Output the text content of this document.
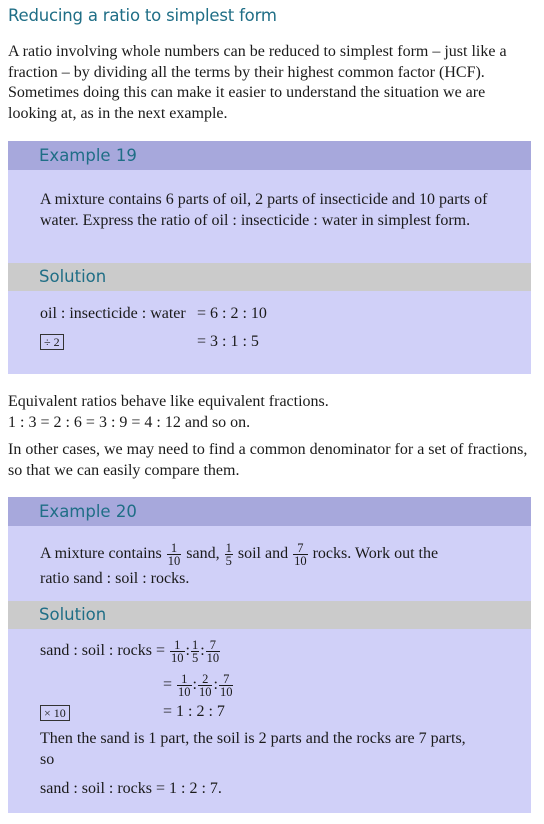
Reducing a ratio to simplest form
A ratio involving whole numbers can be reduced to simplest form – just like a fraction – by dividing all the terms by their highest common factor (HCF). Sometimes doing this can make it easier to understand the situation we are looking at, as in the next example.
Example 19
A mixture contains 6 parts of oil, 2 parts of insecticide and 10 parts of water. Express the ratio of oil : insecticide : water in simplest form.
Solution
oil : insecticide : water = 6 : 2 : 10
÷ 2	= 3 : 1 : 5
Equivalent ratios behave like equivalent fractions.
1 : 3 = 2 : 6 = 3 : 9 = 4 : 12 and so on.
In other cases, we may need to find a common denominator for a set of fractions, so that we can easily compare them.
Example 20
A mixture contains $\frac{1}{10}$ sand, $\frac{1}{5}$ soil and $\frac{7}{10}$ rocks. Work out the
ratio sand : soil : rocks.
Solution
sand : soil : rocks = $\frac{1}{10}$ : $\frac{1}{5}$ : $\frac{7}{10}$
= $\frac{1}{10}$ : $\frac{2}{10}$ : $\frac{7}{10}$
× 10	= 1 : 2 : 7
Then the sand is 1 part, the soil is 2 parts and the rocks are 7 parts, so
sand : soil : rocks = 1 : 2 : 7.
